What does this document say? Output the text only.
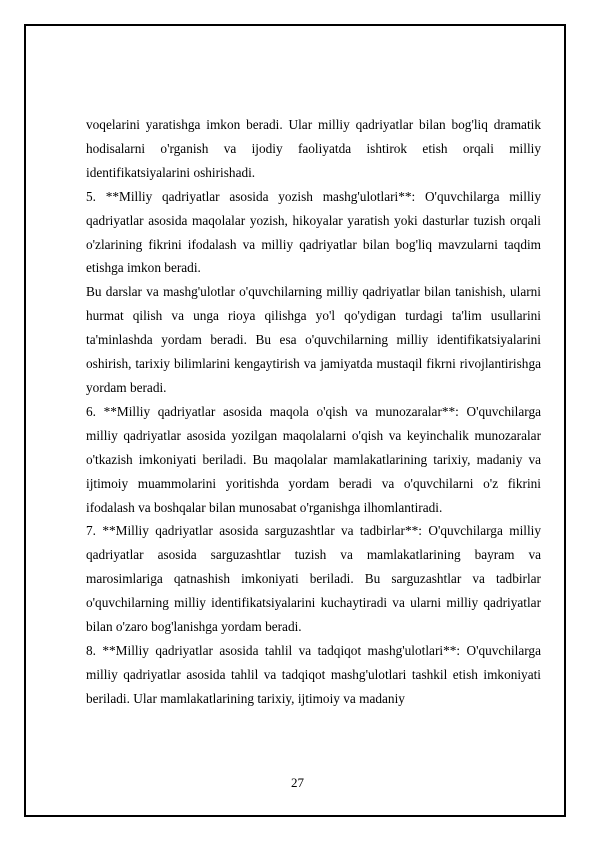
voqelarini yaratishga imkon beradi. Ular milliy qadriyatlar bilan bog'liq dramatik hodisalarni o'rganish va ijodiy faoliyatda ishtirok etish orqali milliy identifikatsiyalarini oshirishadi.

5. **Milliy qadriyatlar asosida yozish mashg'ulotlari**: O'quvchilarga milliy qadriyatlar asosida maqolalar yozish, hikoyalar yaratish yoki dasturlar tuzish orqali o'zlarining fikrini ifodalash va milliy qadriyatlar bilan bog'liq mavzularni taqdim etishga imkon beradi.

Bu darslar va mashg'ulotlar o'quvchilarning milliy qadriyatlar bilan tanishish, ularni hurmat qilish va unga rioya qilishga yo'l qo'ydigan turdagi ta'lim usullarini ta'minlashda yordam beradi. Bu esa o'quvchilarning milliy identifikatsiyalarini oshirish, tarixiy bilimlarini kengaytirish va jamiyatda mustaqil fikrni rivojlantirishga yordam beradi.

6. **Milliy qadriyatlar asosida maqola o'qish va munozaralar**: O'quvchilarga milliy qadriyatlar asosida yozilgan maqolalarni o'qish va keyinchalik munozaralar o'tkazish imkoniyati beriladi. Bu maqolalar mamlakatlarining tarixiy, madaniy va ijtimoiy muammolarini yoritishda yordam beradi va o'quvchilarni o'z fikrini ifodalash va boshqalar bilan munosabat o'rganishga ilhomlantiradi.

7. **Milliy qadriyatlar asosida sarguzashtlar va tadbirlar**: O'quvchilarga milliy qadriyatlar asosida sarguzashtlar tuzish va mamlakatlarining bayram va marosimlariga qatnashish imkoniyati beriladi. Bu sarguzashtlar va tadbirlar o'quvchilarning milliy identifikatsiyalarini kuchaytiradi va ularni milliy qadriyatlar bilan o'zaro bog'lanishga yordam beradi.

8. **Milliy qadriyatlar asosida tahlil va tadqiqot mashg'ulotlari**: O'quvchilarga milliy qadriyatlar asosida tahlil va tadqiqot mashg'ulotlari tashkil etish imkoniyati beriladi. Ular mamlakatlarining tarixiy, ijtimoiy va madaniy

27
